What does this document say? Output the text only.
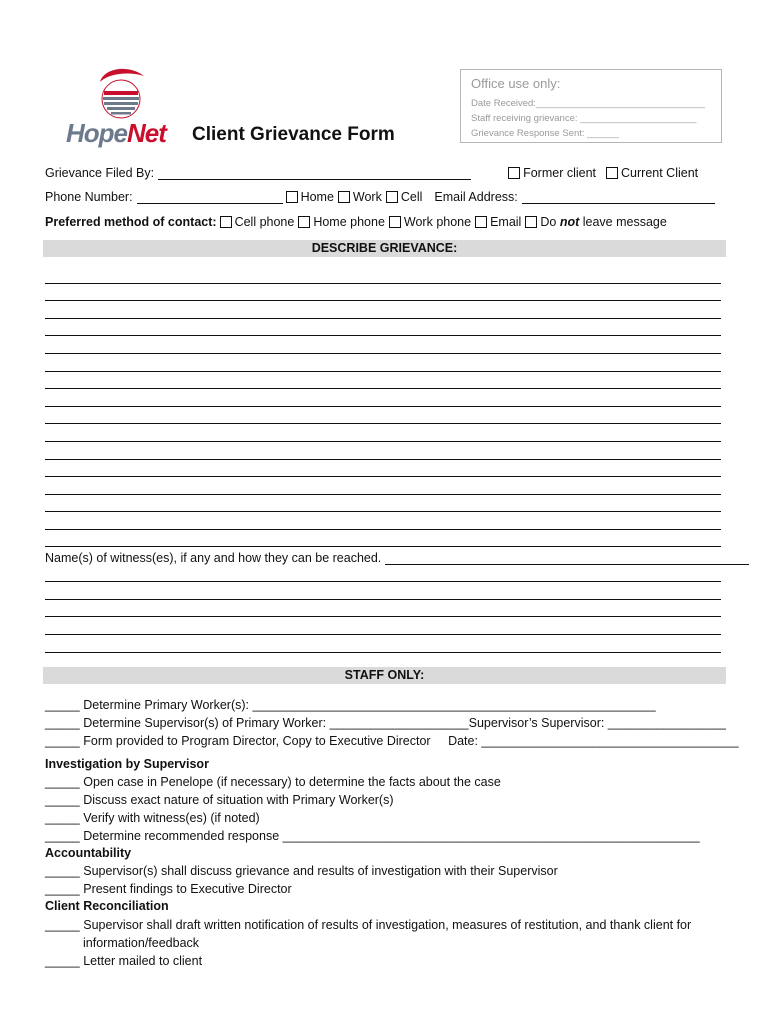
HopeNet Client Grievance Form
Office use only:
Date Received:________________________________
Staff receiving grievance: ______________________
Grievance Response Sent: ______
Grievance Filed By:	Former client Current Client
Phone Number:	Home Work Cell Email Address:
Preferred method of contact: Cell phone Home phone Work phone Email Do
not
leave message
DESCRIBE GRIEVANCE:
Name(s) of witness(es), if any and how they can be reached.
STAFF ONLY:
_____ Determine Primary Worker(s): __________________________________________________________
_____ Determine Supervisor(s) of Primary Worker: ____________________Supervisor’s Supervisor: _________________
_____ Form provided to Program Director, Copy to Executive Director Date: _____________________________________
Investigation by Supervisor
_____ Open case in Penelope (if necessary) to determine the facts about the case
_____ Discuss exact nature of situation with Primary Worker(s)
_____ Verify with witness(es) (if noted)
_____ Determine recommended response ____________________________________________________________
Accountability
_____ Supervisor(s) shall discuss grievance and results of investigation with their Supervisor
_____ Present findings to Executive Director
Client Reconciliation
_____ Supervisor shall draft written notification of results of investigation, measures of restitution, and thank client for
information/feedback
_____ Letter mailed to client
